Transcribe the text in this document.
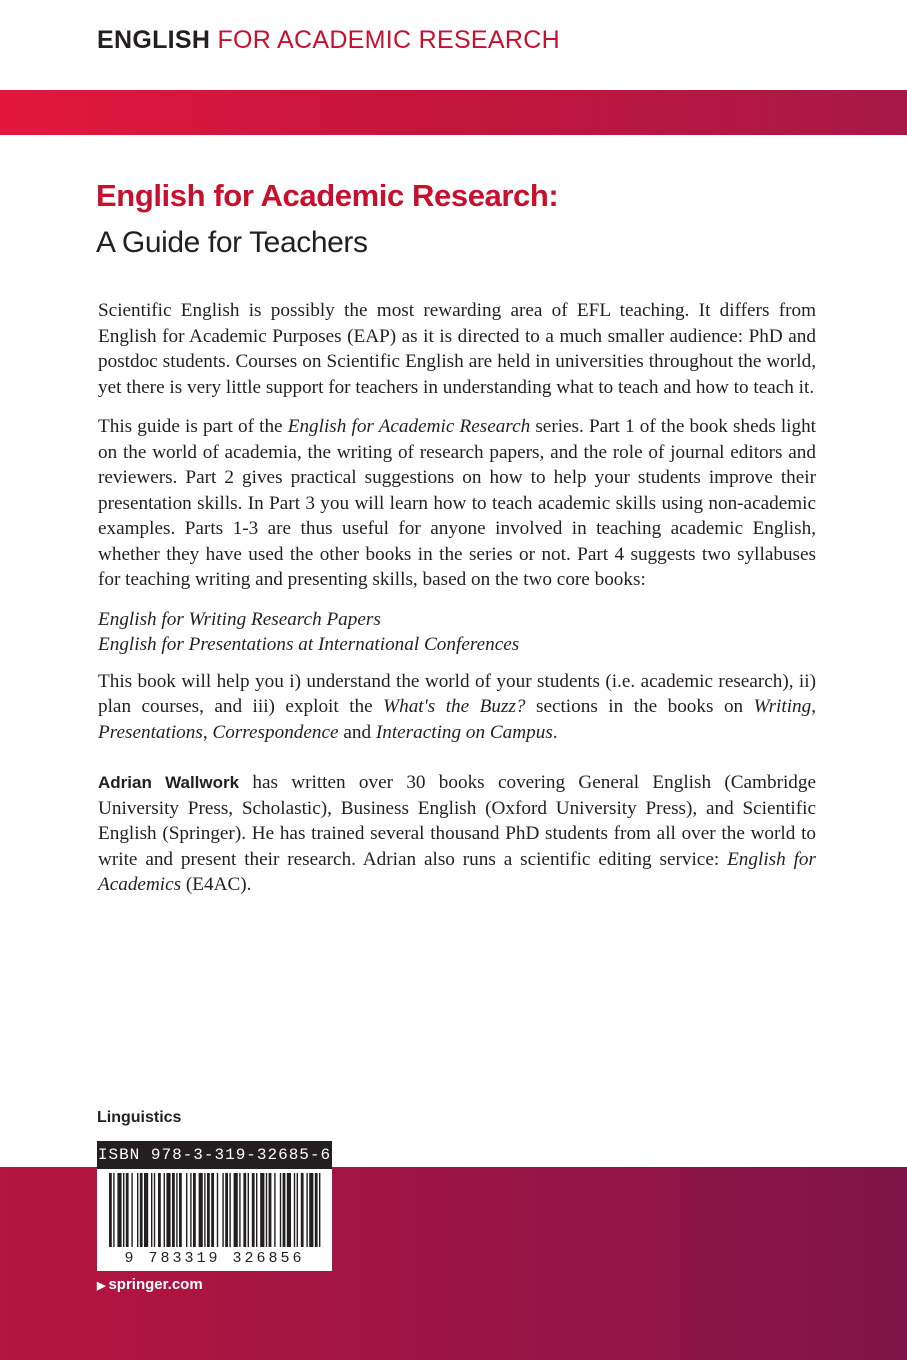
ENGLISH FOR ACADEMIC RESEARCH
English for Academic Research:
A Guide for Teachers

Scientific English is possibly the most rewarding area of EFL teaching. It differs from English for Academic Purposes (EAP) as it is directed to a much smaller audience: PhD and postdoc students. Courses on Scientific English are held in universities throughout the world, yet there is very little support for teachers in understanding what to teach and how to teach it.

This guide is part of the English for Academic Research series. Part 1 of the book sheds light on the world of academia, the writing of research papers, and the role of journal editors and reviewers. Part 2 gives practical suggestions on how to help your students improve their presentation skills. In Part 3 you will learn how to teach academic skills using non-academic examples. Parts 1-3 are thus useful for anyone involved in teaching academic English, whether they have used the other books in the series or not. Part 4 suggests two syllabuses for teaching writing and presenting skills, based on the two core books:

English for Writing Research Papers
English for Presentations at International Conferences

This book will help you i) understand the world of your students (i.e. academic research), ii) plan courses, and iii) exploit the What's the Buzz? sections in the books on Writing, Presentations, Correspondence and Interacting on Campus.

Adrian Wallwork has written over 30 books covering General English (Cambridge University Press, Scholastic), Business English (Oxford University Press), and Scientific English (Springer). He has trained several thousand PhD students from all over the world to write and present their research. Adrian also runs a scientific editing service: English for Academics (E4AC).

Linguistics
ISBN 978-3-319-32685-6
9 783319 326856
▶ springer.com
